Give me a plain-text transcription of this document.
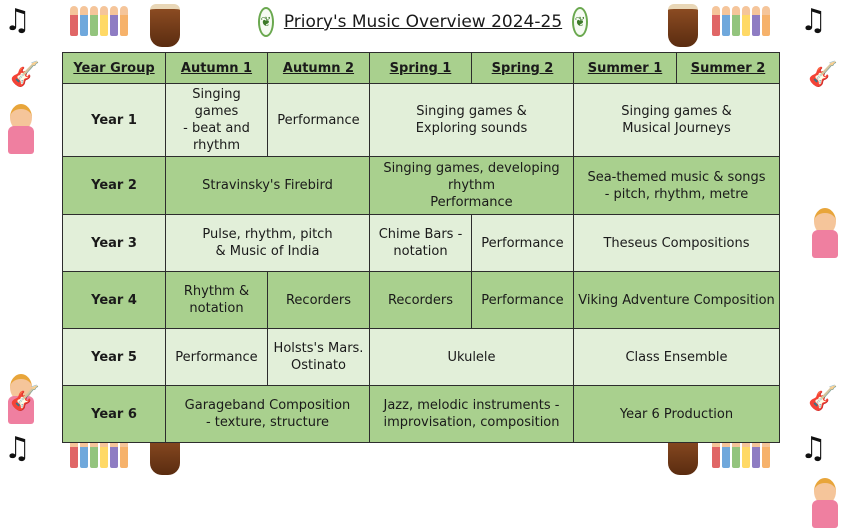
❦ Priory's Music Overview 2024-25 ❦
♫	♫
🎸
🎸
🎸
🎸
♫	♫
Year Group	Autumn 1	Autumn 2	Spring 1	Spring 2	Summer 1	Summer 2
Year 1	Singing games
- beat and
rhythm	Performance	Singing games &
Exploring sounds		Singing games &
Musical Journeys	
Year 2	Stravinsky's Firebird		Singing games, developing
rhythm
Performance		Sea-themed music & songs
- pitch, rhythm, metre	
Year 3	Pulse, rhythm, pitch
& Music of India		Chime Bars -
notation	Performance	Theseus Compositions	
Year 4	Rhythm &
notation	Recorders	Recorders	Performance	Viking Adventure Composition	
Year 5	Performance	Holsts's Mars.
Ostinato	Ukulele		Class Ensemble	
Year 6	Garageband Composition
- texture, structure		Jazz, melodic instruments -
improvisation, composition		Year 6 Production	
